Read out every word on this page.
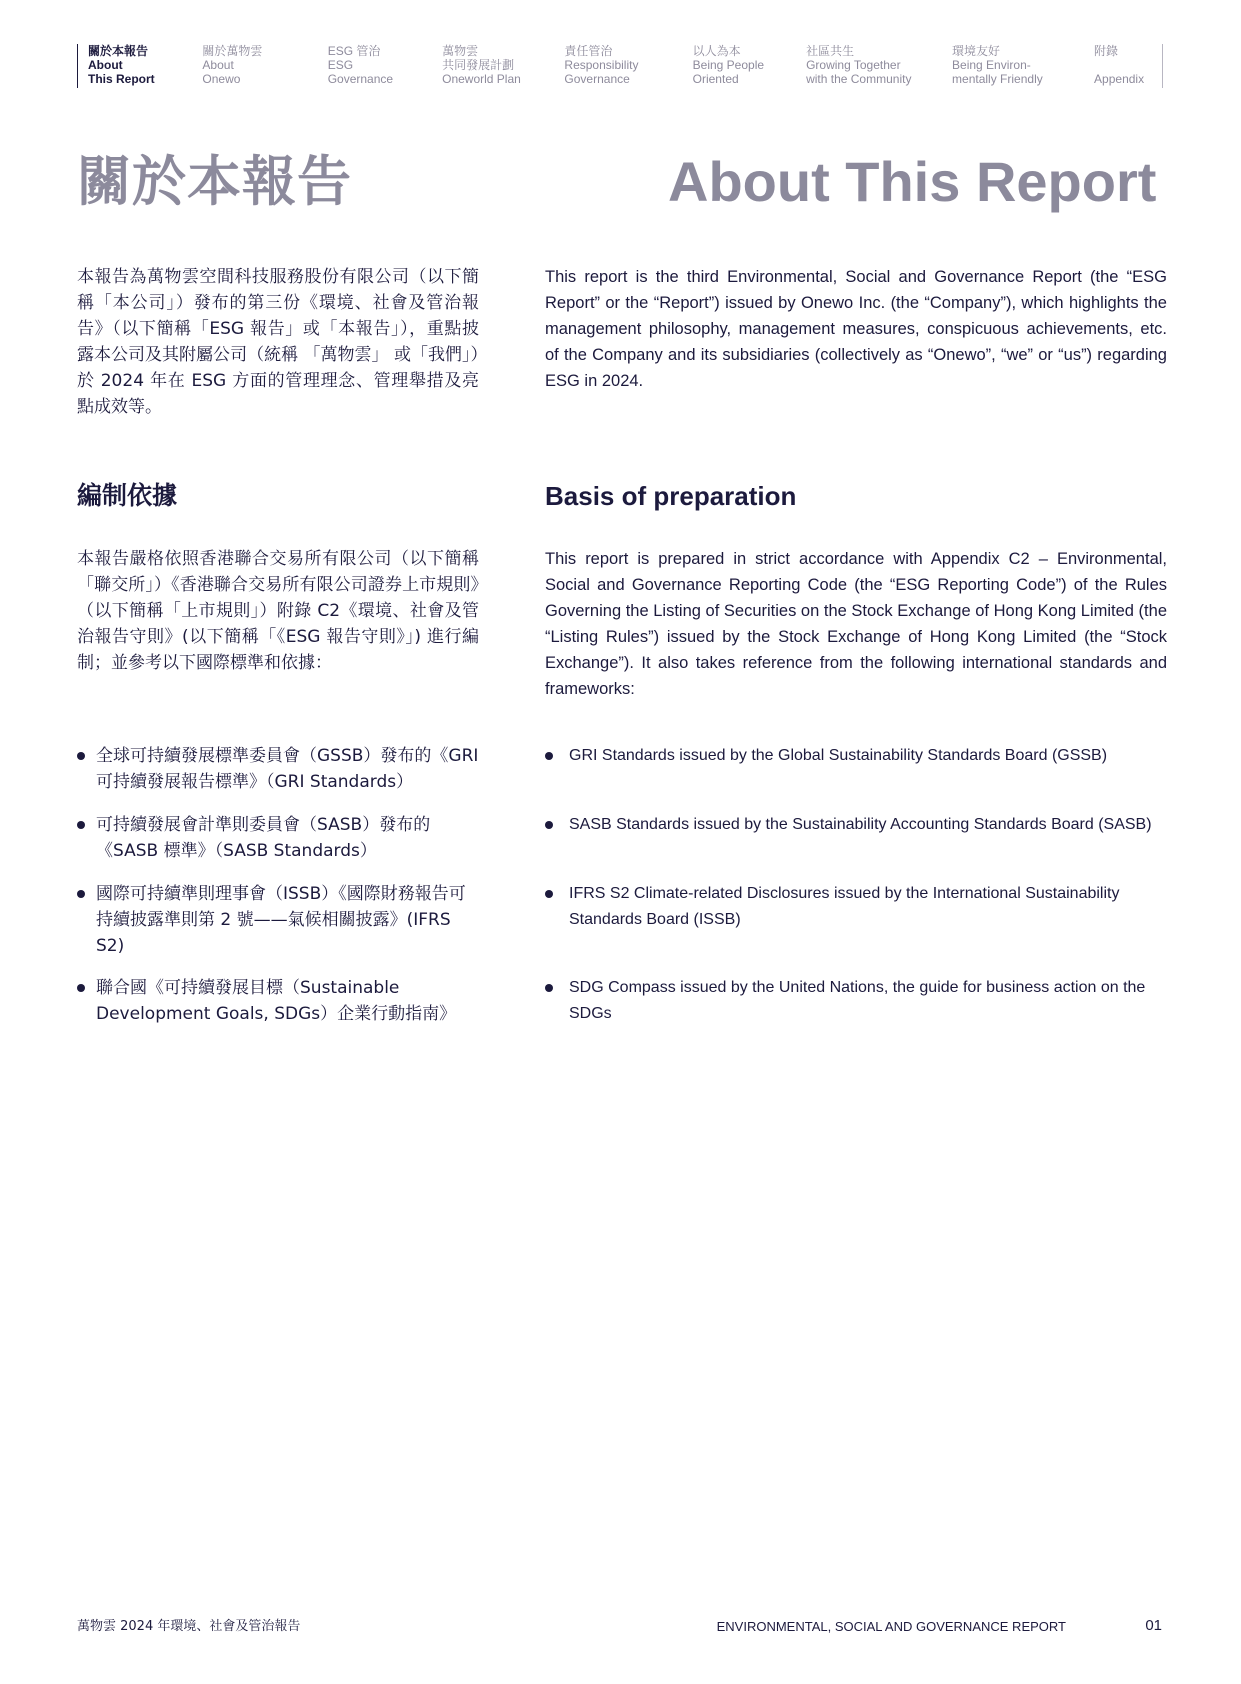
關於本報告
About
This Report
關於萬物雲
About
Onewo
ESG 管治
ESG
Governance
萬物雲
共同發展計劃
Oneworld Plan
責任管治
Responsibility
Governance
以人為本
Being People
Oriented
社區共生
Growing Together
with the Community
環境友好
Being Environ-
mentally Friendly
附錄
Appendix
關於本報告	About This Report

本報告為萬物雲空間科技服務股份有限公司（以下簡稱「本公司」）發布的第三份《環境、社會及管治報告》（以下簡稱「ESG 報告」或「本報告」），重點披露本公司及其附屬公司（統稱 「萬物雲」 或「我們」）於 2024 年在 ESG 方面的管理理念、管理舉措及亮點成效等。

This report is the third Environmental, Social and Governance Report (the “ESG Report” or the “Report”) issued by Onewo Inc. (the “Company”), which highlights the management philosophy, management measures, conspicuous achievements, etc. of the Company and its subsidiaries (collectively as “Onewo”, “we” or “us”) regarding ESG in 2024.

編制依據	Basis of preparation

本報告嚴格依照香港聯合交易所有限公司（以下簡稱「聯交所」）《香港聯合交易所有限公司證券上市規則》（以下簡稱「上市規則」）附錄 C2《環境、社會及管治報告守則》(以下簡稱「《ESG 報告守則》」) 進行編制；並參考以下國際標準和依據：

This report is prepared in strict accordance with Appendix C2 – Environmental, Social and Governance Reporting Code (the “ESG Reporting Code”) of the Rules Governing the Listing of Securities on the Stock Exchange of Hong Kong Limited (the “Listing Rules”) issued by the Stock Exchange of Hong Kong Limited (the “Stock Exchange”). It also takes reference from the following international standards and frameworks:

全球可持續發展標準委員會（GSSB）發布的《GRI 可持續發展報告標準》（GRI Standards）
可持續發展會計準則委員會（SASB）發布的《SASB 標準》（SASB Standards）
國際可持續準則理事會（ISSB）《國際財務報告可持續披露準則第 2 號——氣候相關披露》(IFRS S2)
聯合國《可持續發展目標（Sustainable Development Goals, SDGs）企業行動指南》
GRI Standards issued by the Global Sustainability Standards Board (GSSB)
SASB Standards issued by the Sustainability Accounting Standards Board (SASB)
IFRS S2 Climate-related Disclosures issued by the International Sustainability Standards Board (ISSB)
SDG Compass issued by the United Nations, the guide for business action on the SDGs
萬物雲 2024 年環境、社會及管治報告	ENVIRONMENTAL, SOCIAL AND GOVERNANCE REPORT	01
